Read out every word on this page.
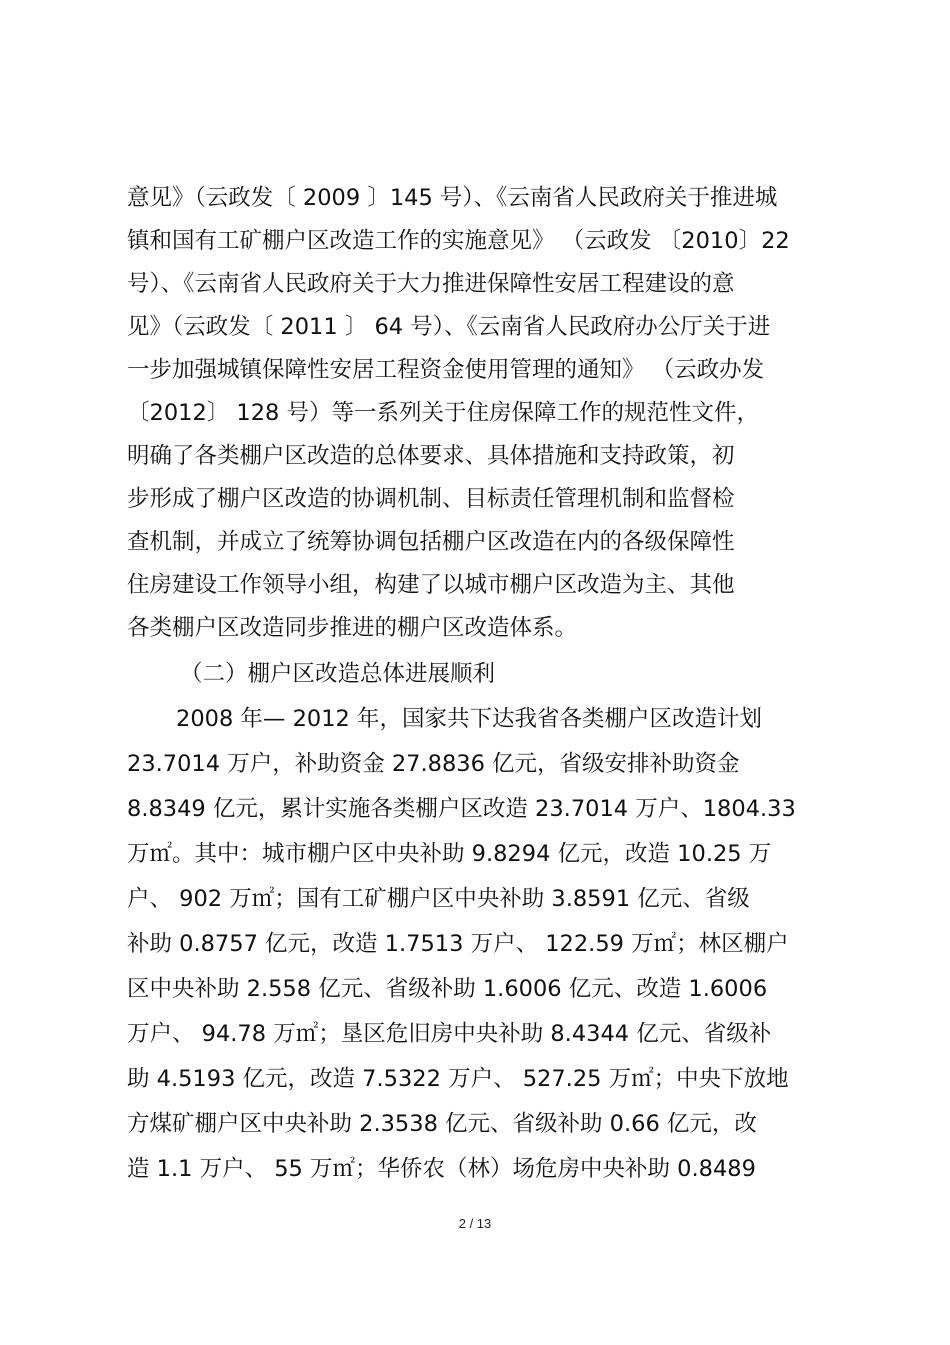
意见》（云政发〔 2009 〕145 号）、《云南省人民政府关于推进城
镇和国有工矿棚户区改造工作的实施意见》 （云政发 〔2010〕22
号）、《云南省人民政府关于大力推进保障性安居工程建设的意
见》（云政发〔 2011 〕 64 号）、《云南省人民政府办公厅关于进
一步加强城镇保障性安居工程资金使用管理的通知》 （云政办发
〔2012〕 128 号）等一系列关于住房保障工作的规范性文件，
明确了各类棚户区改造的总体要求、具体措施和支持政策，初
步形成了棚户区改造的协调机制、目标责任管理机制和监督检
查机制，并成立了统筹协调包括棚户区改造在内的各级保障性
住房建设工作领导小组，构建了以城市棚户区改造为主、其他
各类棚户区改造同步推进的棚户区改造体系。
（二）棚户区改造总体进展顺利
2008 年— 2012 年，国家共下达我省各类棚户区改造计划
23.7014 万户，补助资金 27.8836 亿元，省级安排补助资金
8.8349 亿元，累计实施各类棚户区改造 23.7014 万户、1804.33
万㎡。其中：城市棚户区中央补助 9.8294 亿元，改造 10.25 万
户、 902 万㎡；国有工矿棚户区中央补助 3.8591 亿元、省级
补助 0.8757 亿元，改造 1.7513 万户、 122.59 万㎡；林区棚户
区中央补助 2.558 亿元、省级补助 1.6006 亿元、改造 1.6006
万户、 94.78 万㎡；垦区危旧房中央补助 8.4344 亿元、省级补
助 4.5193 亿元，改造 7.5322 万户、 527.25 万㎡；中央下放地
方煤矿棚户区中央补助 2.3538 亿元、省级补助 0.66 亿元，改
造 1.1 万户、 55 万㎡；华侨农（林）场危房中央补助 0.8489
2 / 13
